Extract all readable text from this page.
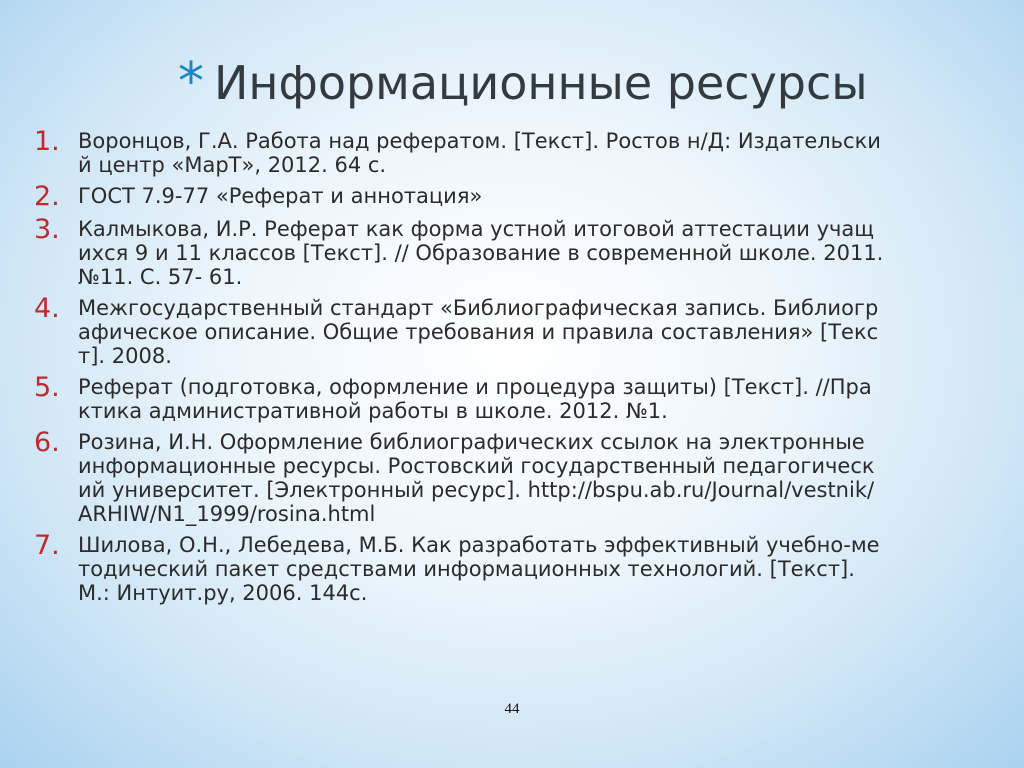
* Информационные ресурсы
1. Воронцов, Г.А. Работа над рефератом. [Текст]. Ростов н/Д: Издательский центр «МарТ», 2012. 64 с.
2. ГОСТ 7.9-77 «Реферат и аннотация»
3. Калмыкова, И.Р. Реферат как форма устной итоговой аттестации учащихся 9 и 11 классов [Текст]. // Образование в современной школе. 2011. №11. С. 57- 61.
4. Межгосударственный стандарт «Библиографическая запись. Библиографическое описание. Общие требования и правила составления» [Текст]. 2008.
5. Реферат (подготовка, оформление и процедура защиты) [Текст]. //Практика административной работы в школе. 2012. №1.
6. Розина, И.Н. Оформление библиографических ссылок на электронные информационные ресурсы. Ростовский государственный педагогический университет. [Электронный ресурс]. http://bspu.ab.ru/Journal/vestnik/ARHIW/N1_1999/rosina.html
7. Шилова, О.Н., Лебедева, М.Б. Как разработать эффективный учебно-методический пакет средствами информационных технологий. [Текст]. М.: Интуит.ру, 2006. 144с.
44
